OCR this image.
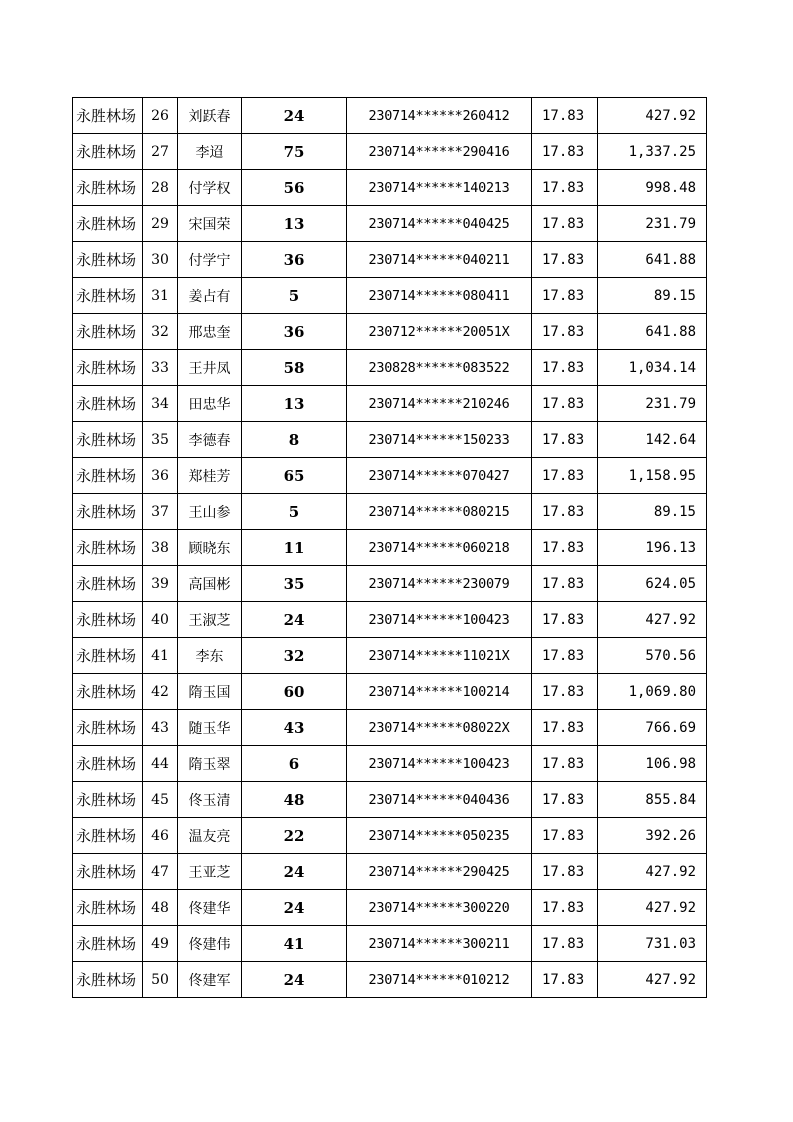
永胜林场	26	刘跃春	24	230714******260412	17.83	427.92
永胜林场	27	李迢	75	230714******290416	17.83	1,337.25
永胜林场	28	付学权	56	230714******140213	17.83	998.48
永胜林场	29	宋国荣	13	230714******040425	17.83	231.79
永胜林场	30	付学宁	36	230714******040211	17.83	641.88
永胜林场	31	姜占有	5	230714******080411	17.83	89.15
永胜林场	32	邢忠奎	36	230712******20051X	17.83	641.88
永胜林场	33	王井凤	58	230828******083522	17.83	1,034.14
永胜林场	34	田忠华	13	230714******210246	17.83	231.79
永胜林场	35	李德春	8	230714******150233	17.83	142.64
永胜林场	36	郑桂芳	65	230714******070427	17.83	1,158.95
永胜林场	37	王山参	5	230714******080215	17.83	89.15
永胜林场	38	顾晓东	11	230714******060218	17.83	196.13
永胜林场	39	高国彬	35	230714******230079	17.83	624.05
永胜林场	40	王淑芝	24	230714******100423	17.83	427.92
永胜林场	41	李东	32	230714******11021X	17.83	570.56
永胜林场	42	隋玉国	60	230714******100214	17.83	1,069.80
永胜林场	43	随玉华	43	230714******08022X	17.83	766.69
永胜林场	44	隋玉翠	6	230714******100423	17.83	106.98
永胜林场	45	佟玉清	48	230714******040436	17.83	855.84
永胜林场	46	温友亮	22	230714******050235	17.83	392.26
永胜林场	47	王亚芝	24	230714******290425	17.83	427.92
永胜林场	48	佟建华	24	230714******300220	17.83	427.92
永胜林场	49	佟建伟	41	230714******300211	17.83	731.03
永胜林场	50	佟建军	24	230714******010212	17.83	427.92
